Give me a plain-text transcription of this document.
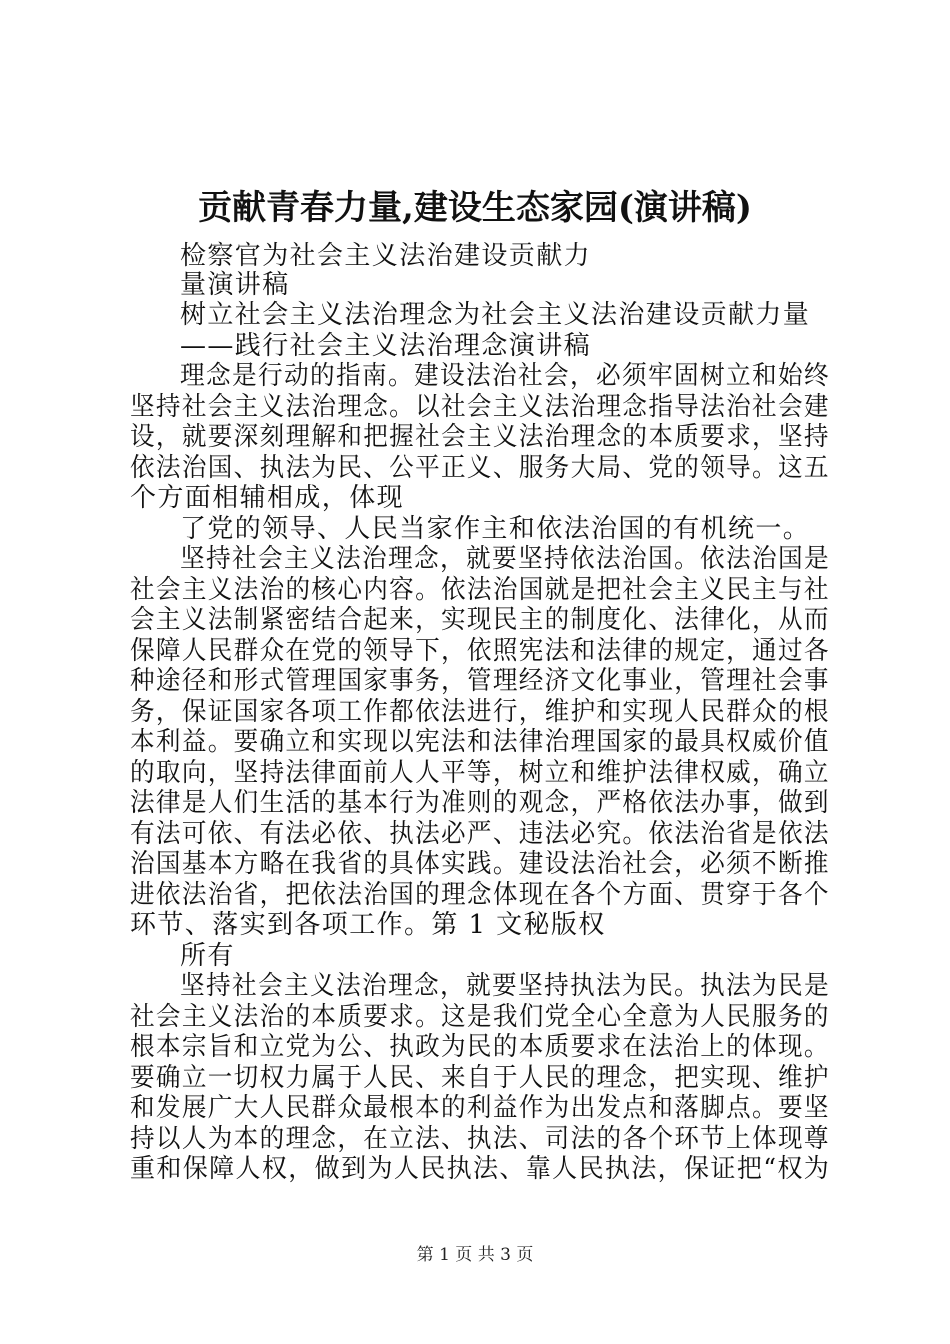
贡献青春力量,建设生态家园(演讲稿)
检察官为社会主义法治建设贡献力
量演讲稿
树立社会主义法治理念为社会主义法治建设贡献力量
——践行社会主义法治理念演讲稿
理念是行动的指南。建设法治社会，必须牢固树立和始终
坚持社会主义法治理念。以社会主义法治理念指导法治社会建
设，就要深刻理解和把握社会主义法治理念的本质要求，坚持
依法治国、执法为民、公平正义、服务大局、党的领导。这五
个方面相辅相成，体现
了党的领导、人民当家作主和依法治国的有机统一。
坚持社会主义法治理念，就要坚持依法治国。依法治国是
社会主义法治的核心内容。依法治国就是把社会主义民主与社
会主义法制紧密结合起来，实现民主的制度化、法律化，从而
保障人民群众在党的领导下，依照宪法和法律的规定，通过各
种途径和形式管理国家事务，管理经济文化事业，管理社会事
务，保证国家各项工作都依法进行，维护和实现人民群众的根
本利益。要确立和实现以宪法和法律治理国家的最具权威价值
的取向，坚持法律面前人人平等，树立和维护法律权威，确立
法律是人们生活的基本行为准则的观念，严格依法办事，做到
有法可依、有法必依、执法必严、违法必究。依法治省是依法
治国基本方略在我省的具体实践。建设法治社会，必须不断推
进依法治省，把依法治国的理念体现在各个方面、贯穿于各个
环节、落实到各项工作。第 1 文秘版权
所有
坚持社会主义法治理念，就要坚持执法为民。执法为民是
社会主义法治的本质要求。这是我们党全心全意为人民服务的
根本宗旨和立党为公、执政为民的本质要求在法治上的体现。
要确立一切权力属于人民、来自于人民的理念，把实现、维护
和发展广大人民群众最根本的利益作为出发点和落脚点。要坚
持以人为本的理念，在立法、执法、司法的各个环节上体现尊
重和保障人权，做到为人民执法、靠人民执法，保证把“权为
第 1 页 共 3 页
